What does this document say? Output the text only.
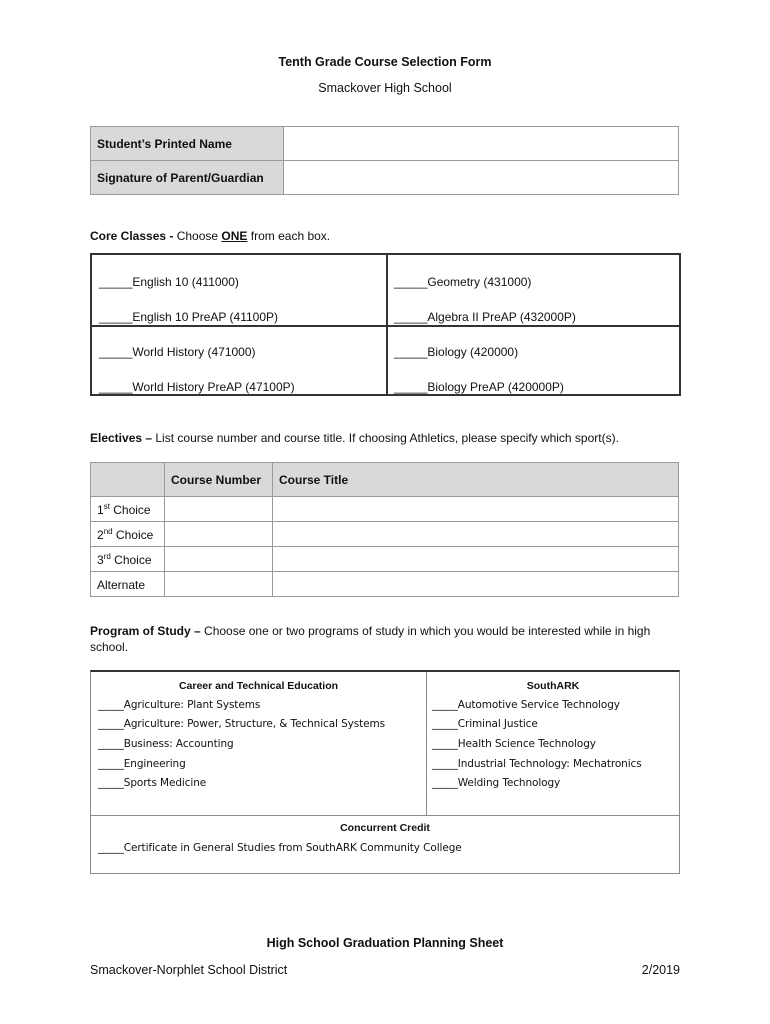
Tenth Grade Course Selection Form
Smackover High School
Student’s Printed Name	
Signature of Parent/Guardian	
Core Classes - Choose ONE from each box.
_____English 10 (411000)
_____English 10 PreAP (41100P)
_____Geometry (431000)
_____Algebra II PreAP (432000P)
_____World History (471000)
_____World History PreAP (47100P)
_____Biology (420000)
_____Biology PreAP (420000P)
Electives – List course number and course title. If choosing Athletics, please specify which sport(s).
	Course Number	Course Title
1st Choice		
2nd Choice		
3rd Choice		
Alternate		
Program of Study – Choose one or two programs of study in which you would be interested while in high school.
Career and Technical Education
_____Agriculture: Plant Systems
_____Agriculture: Power, Structure, & Technical Systems
_____Business: Accounting
_____Engineering
_____Sports Medicine
SouthARK
_____Automotive Service Technology
_____Criminal Justice
_____Health Science Technology
_____Industrial Technology: Mechatronics
_____Welding Technology
Concurrent Credit
_____Certificate in General Studies from SouthARK Community College
High School Graduation Planning Sheet
Smackover-Norphlet School District	2/2019
